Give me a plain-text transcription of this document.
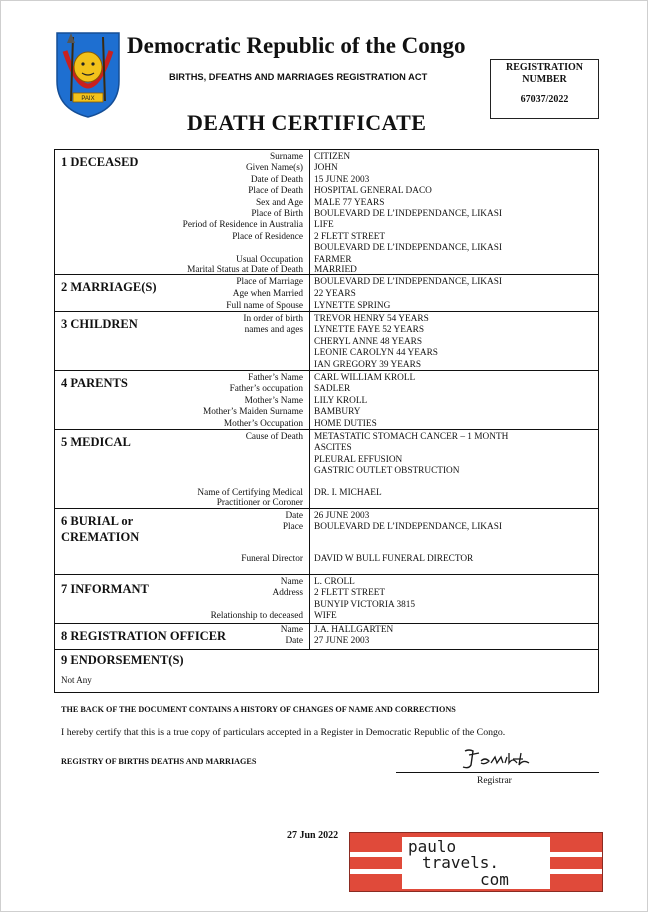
PAIX
Democratic Republic of the Congo
BIRTHS, DFEATHS AND MARRIAGES REGISTRATION ACT
REGISTRATION
NUMBER
67037/2022
DEATH CERTIFICATE
1 DECEASED	Surname CITIZEN
Given Name(s) JOHN
Date of Death 15 JUNE 2003
Place of Death HOSPITAL GENERAL DACO
Sex and Age MALE 77 YEARS
Place of Birth BOULEVARD DE L’INDEPENDANCE, LIKASI
Period of Residence in Australia LIFE
Place of Residence 2 FLETT STREET
BOULEVARD DE L’INDEPENDANCE, LIKASI
Usual Occupation FARMER
Marital Status at Date of Death MARRIED
2 MARRIAGE(S)	Place of Marriage BOULEVARD DE L’INDEPENDANCE, LIKASI
Age when Married 22 YEARS
Full name of Spouse LYNETTE SPRING
3 CHILDREN	In order of birth
names and ages
TREVOR HENRY 54 YEARS
LYNETTE FAYE 52 YEARS
CHERYL ANNE 48 YEARS
LEONIE CAROLYN 44 YEARS
IAN GREGORY 39 YEARS
4 PARENTS	Father’s Name CARL WILLIAM KROLL
Father’s occupation SADLER
Mother’s Name LILY KROLL
Mother’s Maiden Surname BAMBURY
Mother’s Occupation HOME DUTIES
5 MEDICAL	Cause of Death METASTATIC STOMACH CANCER – 1 MONTH
ASCITES
PLEURAL EFFUSION
GASTRIC OUTLET OBSTRUCTION
Name of Certifying Medical
Practitioner or Coroner
DR. I. MICHAEL
6 BURIAL or
CREMATION
Date 26 JUNE 2003
Place BOULEVARD DE L’INDEPENDANCE, LIKASI
Funeral Director DAVID W BULL FUNERAL DIRECTOR
7 INFORMANT	Name L. CROLL
Address 2 FLETT STREET
BUNYIP VICTORIA 3815
Relationship to deceased WIFE
8 REGISTRATION OFFICER	Name J.A. HALLGARTEN
Date 27 JUNE 2003
9 ENDORSEMENT(S)
Not Any
THE BACK OF THE DOCUMENT CONTAINS A HISTORY OF CHANGES OF NAME AND CORRECTIONS
I hereby certify that this is a true copy of particulars accepted in a Register in Democratic Republic of the Congo.
REGISTRY OF BIRTHS DEATHS AND MARRIAGES
Registrar
27 Jun 2022
paulo
travels.
com
